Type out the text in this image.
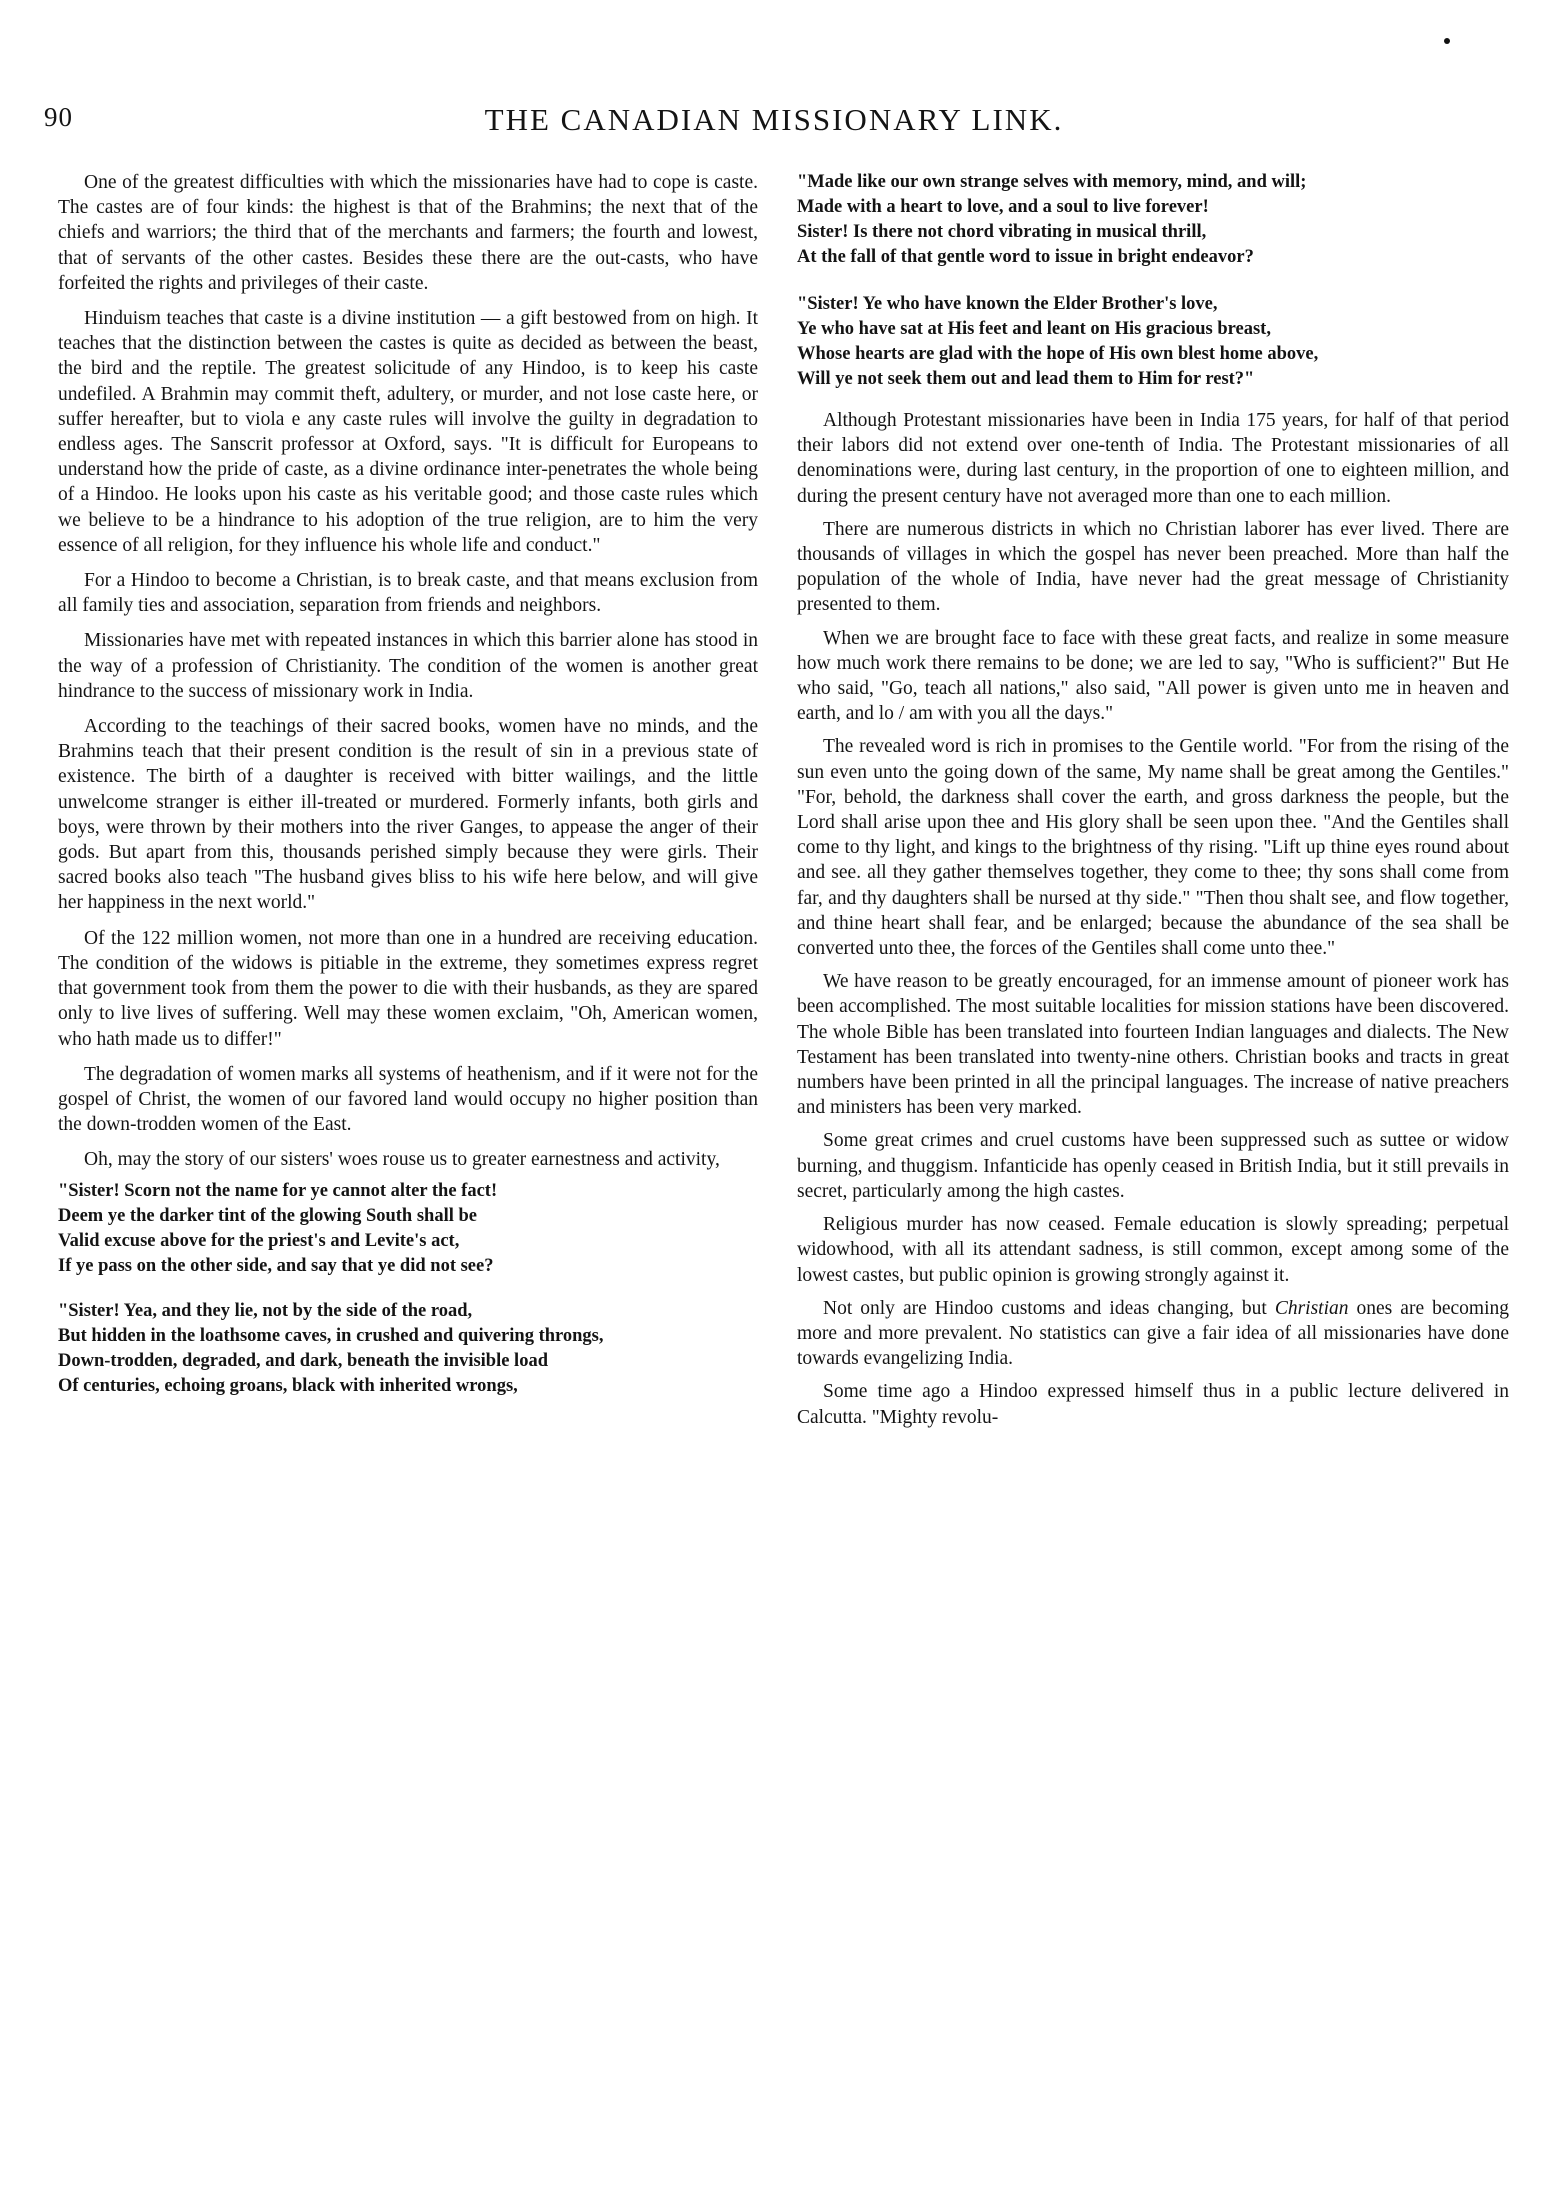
90	THE CANADIAN MISSIONARY LINK.

One of the greatest difficulties with which the missionaries have had to cope is caste. The castes are of four kinds: the highest is that of the Brahmins; the next that of the chiefs and warriors; the third that of the merchants and farmers; the fourth and lowest, that of servants of the other castes. Besides these there are the out-casts, who have forfeited the rights and privileges of their caste.

Hinduism teaches that caste is a divine institution — a gift bestowed from on high. It teaches that the distinction between the castes is quite as decided as between the beast, the bird and the reptile. The greatest solicitude of any Hindoo, is to keep his caste undefiled. A Brahmin may commit theft, adultery, or murder, and not lose caste here, or suffer hereafter, but to viola e any caste rules will involve the guilty in degradation to endless ages. The Sanscrit professor at Oxford, says. "It is difficult for Europeans to understand how the pride of caste, as a divine ordinance inter-penetrates the whole being of a Hindoo. He looks upon his caste as his veritable good; and those caste rules which we believe to be a hindrance to his adoption of the true religion, are to him the very essence of all religion, for they influence his whole life and conduct."

For a Hindoo to become a Christian, is to break caste, and that means exclusion from all family ties and association, separation from friends and neighbors.

Missionaries have met with repeated instances in which this barrier alone has stood in the way of a profession of Christianity. The condition of the women is another great hindrance to the success of missionary work in India.

According to the teachings of their sacred books, women have no minds, and the Brahmins teach that their present condition is the result of sin in a previous state of existence. The birth of a daughter is received with bitter wailings, and the little unwelcome stranger is either ill-treated or murdered. Formerly infants, both girls and boys, were thrown by their mothers into the river Ganges, to appease the anger of their gods. But apart from this, thousands perished simply because they were girls. Their sacred books also teach "The husband gives bliss to his wife here below, and will give her happiness in the next world."

Of the 122 million women, not more than one in a hundred are receiving education. The condition of the widows is pitiable in the extreme, they sometimes express regret that government took from them the power to die with their husbands, as they are spared only to live lives of suffering. Well may these women exclaim, "Oh, American women, who hath made us to differ!"

The degradation of women marks all systems of heathenism, and if it were not for the gospel of Christ, the women of our favored land would occupy no higher position than the down-trodden women of the East.

Oh, may the story of our sisters' woes rouse us to greater earnestness and activity,

"Sister! Scorn not the name for ye cannot alter the fact!
Deem ye the darker tint of the glowing South shall be
Valid excuse above for the priest's and Levite's act,
If ye pass on the other side, and say that ye did not see?
"Sister! Yea, and they lie, not by the side of the road,
But hidden in the loathsome caves, in crushed and quivering throngs,
Down-trodden, degraded, and dark, beneath the invisible load
Of centuries, echoing groans, black with inherited wrongs,
"Made like our own strange selves with memory, mind, and will;
Made with a heart to love, and a soul to live forever!
Sister! Is there not chord vibrating in musical thrill,
At the fall of that gentle word to issue in bright endeavor?
"Sister! Ye who have known the Elder Brother's love,
Ye who have sat at His feet and leant on His gracious breast,
Whose hearts are glad with the hope of His own blest home above,
Will ye not seek them out and lead them to Him for rest?"

Although Protestant missionaries have been in India 175 years, for half of that period their labors did not extend over one-tenth of India. The Protestant missionaries of all denominations were, during last century, in the proportion of one to eighteen million, and during the present century have not averaged more than one to each million.

There are numerous districts in which no Christian laborer has ever lived. There are thousands of villages in which the gospel has never been preached. More than half the population of the whole of India, have never had the great message of Christianity presented to them.

When we are brought face to face with these great facts, and realize in some measure how much work there remains to be done; we are led to say, "Who is sufficient?" But He who said, "Go, teach all nations," also said, "All power is given unto me in heaven and earth, and lo / am with you all the days."

The revealed word is rich in promises to the Gentile world. "For from the rising of the sun even unto the going down of the same, My name shall be great among the Gentiles." "For, behold, the darkness shall cover the earth, and gross darkness the people, but the Lord shall arise upon thee and His glory shall be seen upon thee. "And the Gentiles shall come to thy light, and kings to the brightness of thy rising. "Lift up thine eyes round about and see. all they gather themselves together, they come to thee; thy sons shall come from far, and thy daughters shall be nursed at thy side." "Then thou shalt see, and flow together, and thine heart shall fear, and be enlarged; because the abundance of the sea shall be converted unto thee, the forces of the Gentiles shall come unto thee."

We have reason to be greatly encouraged, for an immense amount of pioneer work has been accomplished. The most suitable localities for mission stations have been discovered. The whole Bible has been translated into fourteen Indian languages and dialects. The New Testament has been translated into twenty-nine others. Christian books and tracts in great numbers have been printed in all the principal languages. The increase of native preachers and ministers has been very marked.

Some great crimes and cruel customs have been suppressed such as suttee or widow burning, and thuggism. Infanticide has openly ceased in British India, but it still prevails in secret, particularly among the high castes.

Religious murder has now ceased. Female education is slowly spreading; perpetual widowhood, with all its attendant sadness, is still common, except among some of the lowest castes, but public opinion is growing strongly against it.

Not only are Hindoo customs and ideas changing, but Christian ones are becoming more and more prevalent. No statistics can give a fair idea of all missionaries have done towards evangelizing India.

Some time ago a Hindoo expressed himself thus in a public lecture delivered in Calcutta. "Mighty revolu-
